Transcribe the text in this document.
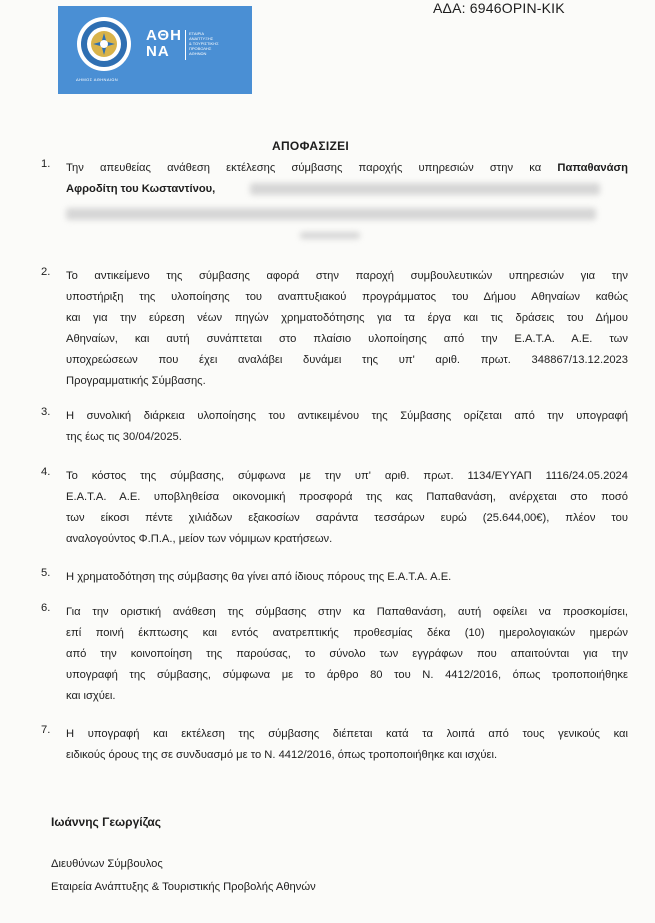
ΑΘΗ
ΝΑ
ΕΤΑΙΡΙΑ
ΑΝΑΠΤΥΞΗΣ
& ΤΟΥΡΙΣΤΙΚΗΣ
ΠΡΟΒΟΛΗΣ
ΑΘΗΝΩΝ
ΔΗΜΟΣ ΑΘΗΝΑΙΩΝ
ΑΔΑ: 6946ΟΡΙΝ-ΚΙΚ
ΑΠΟΦΑΣΙΖΕΙ
1. Την απευθείας ανάθεση εκτέλεσης σύμβασης παροχής υπηρεσιών στην κα Παπαθανάση
Αφροδίτη του Κωσταντίνου,
2. Το αντικείμενο της σύμβασης αφορά στην παροχή συμβουλευτικών υπηρεσιών για την
υποστήριξη της υλοποίησης του αναπτυξιακού προγράμματος του Δήμου Αθηναίων καθώς
και για την εύρεση νέων πηγών χρηματοδότησης για τα έργα και τις δράσεις του Δήμου
Αθηναίων, και αυτή συνάπτεται στο πλαίσιο υλοποίησης από την Ε.Α.Τ.Α. Α.Ε. των
υποχρεώσεων που έχει αναλάβει δυνάμει της υπ' αριθ. πρωτ. 348867/13.12.2023
Προγραμματικής Σύμβασης.
3. Η συνολική διάρκεια υλοποίησης του αντικειμένου της Σύμβασης ορίζεται από την υπογραφή
της έως τις 30/04/2025.
4. Το κόστος της σύμβασης, σύμφωνα με την υπ' αριθ. πρωτ. 1134/ΕΥΥΑΠ 1116/24.05.2024
Ε.Α.Τ.Α. Α.Ε. υποβληθείσα οικονομική προσφορά της κας Παπαθανάση, ανέρχεται στο ποσό
των είκοσι πέντε χιλιάδων εξακοσίων σαράντα τεσσάρων ευρώ (25.644,00€), πλέον του
αναλογούντος Φ.Π.Α., μείον των νόμιμων κρατήσεων.
5. Η χρηματοδότηση της σύμβασης θα γίνει από ίδιους πόρους της Ε.Α.Τ.Α. Α.Ε.
6. Για την οριστική ανάθεση της σύμβασης στην κα Παπαθανάση, αυτή οφείλει να προσκομίσει,
επί ποινή έκπτωσης και εντός ανατρεπτικής προθεσμίας δέκα (10) ημερολογιακών ημερών
από την κοινοποίηση της παρούσας, το σύνολο των εγγράφων που απαιτούνται για την
υπογραφή της σύμβασης, σύμφωνα με το άρθρο 80 του Ν. 4412/2016, όπως τροποποιήθηκε
και ισχύει.
7. Η υπογραφή και εκτέλεση της σύμβασης διέπεται κατά τα λοιπά από τους γενικούς και
ειδικούς όρους της σε συνδυασμό με το Ν. 4412/2016, όπως τροποποιήθηκε και ισχύει.
Ιωάννης Γεωργίζας
Διευθύνων Σύμβουλος
Εταιρεία Ανάπτυξης & Τουριστικής Προβολής Αθηνών
